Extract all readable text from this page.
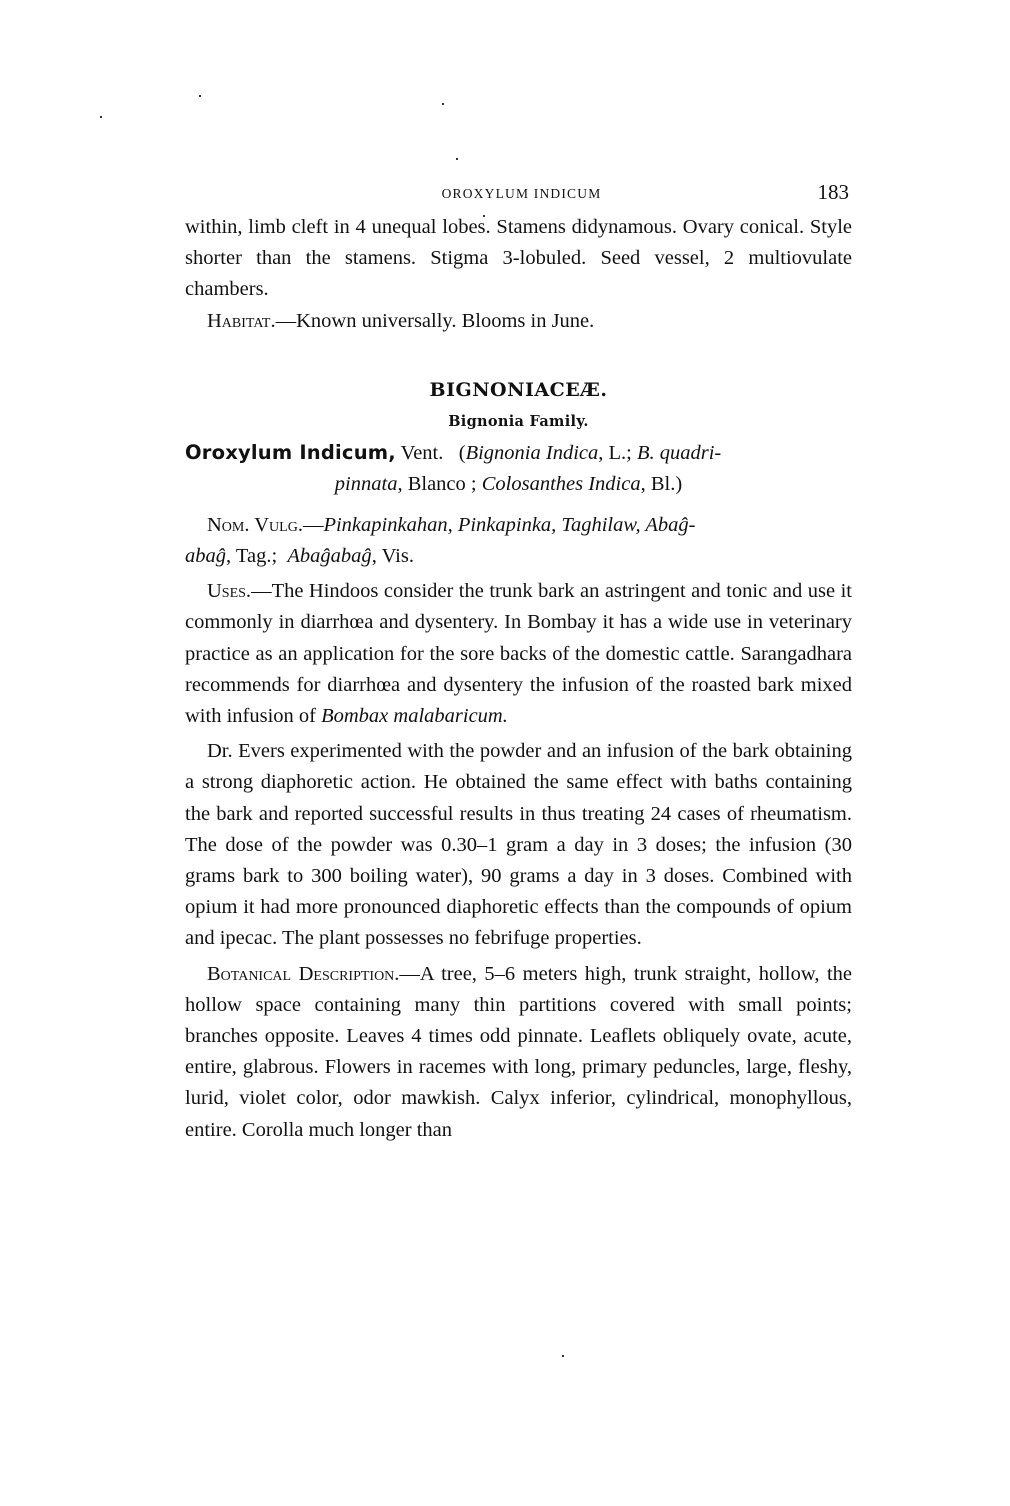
OROXYLUM INDICUM	183

within, limb cleft in 4 unequal lobes. Stamens didynamous. Ovary conical. Style shorter than the stamens. Stigma 3-lobuled. Seed vessel, 2 multiovulate chambers.

Habitat.—Known universally. Blooms in June.

BIGNONIACEÆ.
Bignonia Family.
Oroxylum Indicum, Vent.   (Bignonia Indica, L.; B. quadri-
pinnata, Blanco ; Colosanthes Indica, Bl.)

Nom. Vulg.—Pinkapinkahan, Pinkapinka, Taghilaw, Abaĝ-
abaĝ, Tag.; Abaĝabaĝ, Vis.

Uses.—The Hindoos consider the trunk bark an astringent and tonic and use it commonly in diarrhœa and dysentery. In Bombay it has a wide use in veterinary practice as an application for the sore backs of the domestic cattle. Sarangadhara recommends for diarrhœa and dysentery the infusion of the roasted bark mixed with infusion of Bombax malabaricum.

Dr. Evers experimented with the powder and an infusion of the bark obtaining a strong diaphoretic action. He obtained the same effect with baths containing the bark and reported successful results in thus treating 24 cases of rheumatism. The dose of the powder was 0.30–1 gram a day in 3 doses; the infusion (30 grams bark to 300 boiling water), 90 grams a day in 3 doses. Combined with opium it had more pronounced diaphoretic effects than the compounds of opium and ipecac. The plant possesses no febrifuge properties.

Botanical Description.—A tree, 5–6 meters high, trunk straight, hollow, the hollow space containing many thin partitions covered with small points; branches opposite. Leaves 4 times odd pinnate. Leaflets obliquely ovate, acute, entire, glabrous. Flowers in racemes with long, primary peduncles, large, fleshy, lurid, violet color, odor mawkish. Calyx inferior, cylindrical, monophyllous, entire. Corolla much longer than
